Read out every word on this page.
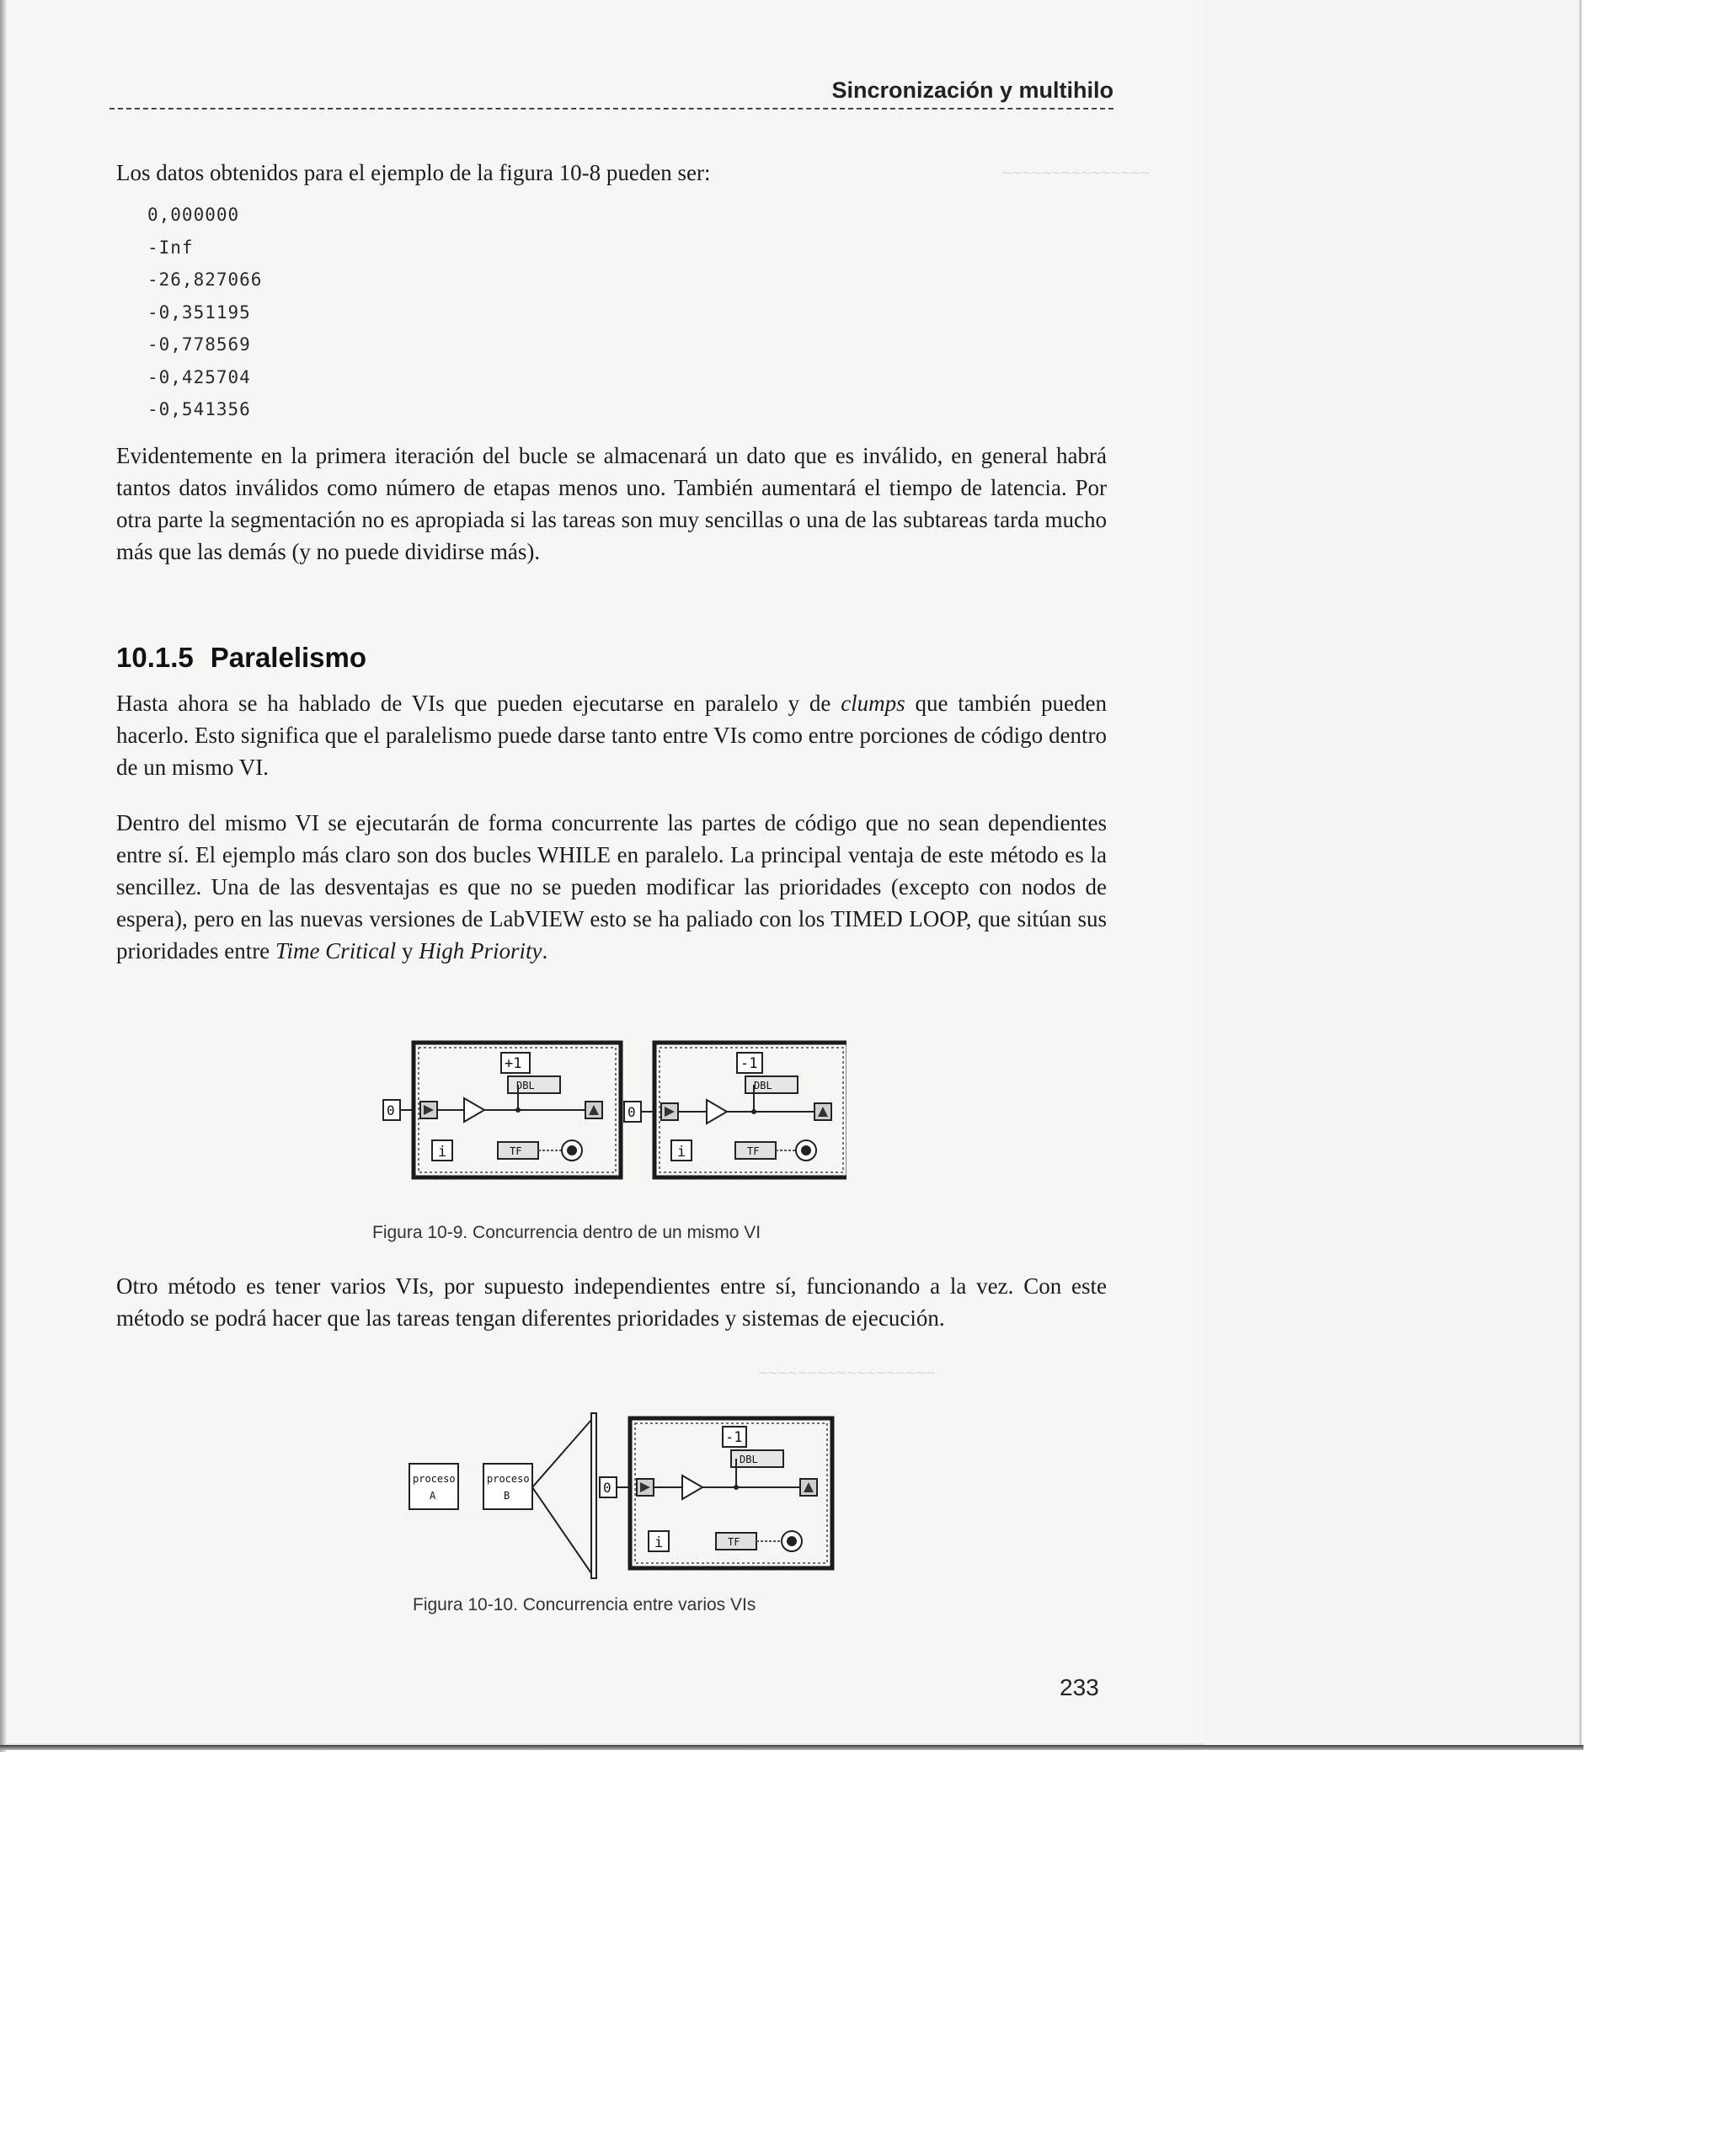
~~~~~~~~~~~~~~~
~~~~~~~~~~~~~~~~~~
Sincronización y multihilo
Los datos obtenidos para el ejemplo de la figura 10-8 pueden ser:
0,000000
-Inf
-26,827066
-0,351195
-0,778569
-0,425704
-0,541356
Evidentemente en la primera iteración del bucle se almacenará un dato que es inválido, en general habrá tantos datos inválidos como número de etapas menos uno. También aumentará el tiempo de latencia. Por otra parte la segmentación no es apropiada si las tareas son muy sencillas o una de las subtareas tarda mucho más que las demás (y no puede dividirse más).
10.1.5 Paralelismo
Hasta ahora se ha hablado de VIs que pueden ejecutarse en paralelo y de clumps que también pueden hacerlo. Esto significa que el paralelismo puede darse tanto entre VIs como entre porciones de código dentro de un mismo VI.
Dentro del mismo VI se ejecutarán de forma concurrente las partes de código que no sean dependientes entre sí. El ejemplo más claro son dos bucles WHILE en paralelo. La principal ventaja de este método es la sencillez. Una de las desventajas es que no se pueden modificar las prioridades (excepto con nodos de espera), pero en las nuevas versiones de LabVIEW esto se ha paliado con los TIMED LOOP, que sitúan sus prioridades entre Time Critical y High Priority.
+1
DBL
0
i	TF
-1
DBL
0
i	TF
Figura 10-9. Concurrencia dentro de un mismo VI
Otro método es tener varios VIs, por supuesto independientes entre sí, funcionando a la vez. Con este método se podrá hacer que las tareas tengan diferentes prioridades y sistemas de ejecución.
proceso
A
proceso
B
-1
DBL
0
i	TF
Figura 10-10. Concurrencia entre varios VIs
233
